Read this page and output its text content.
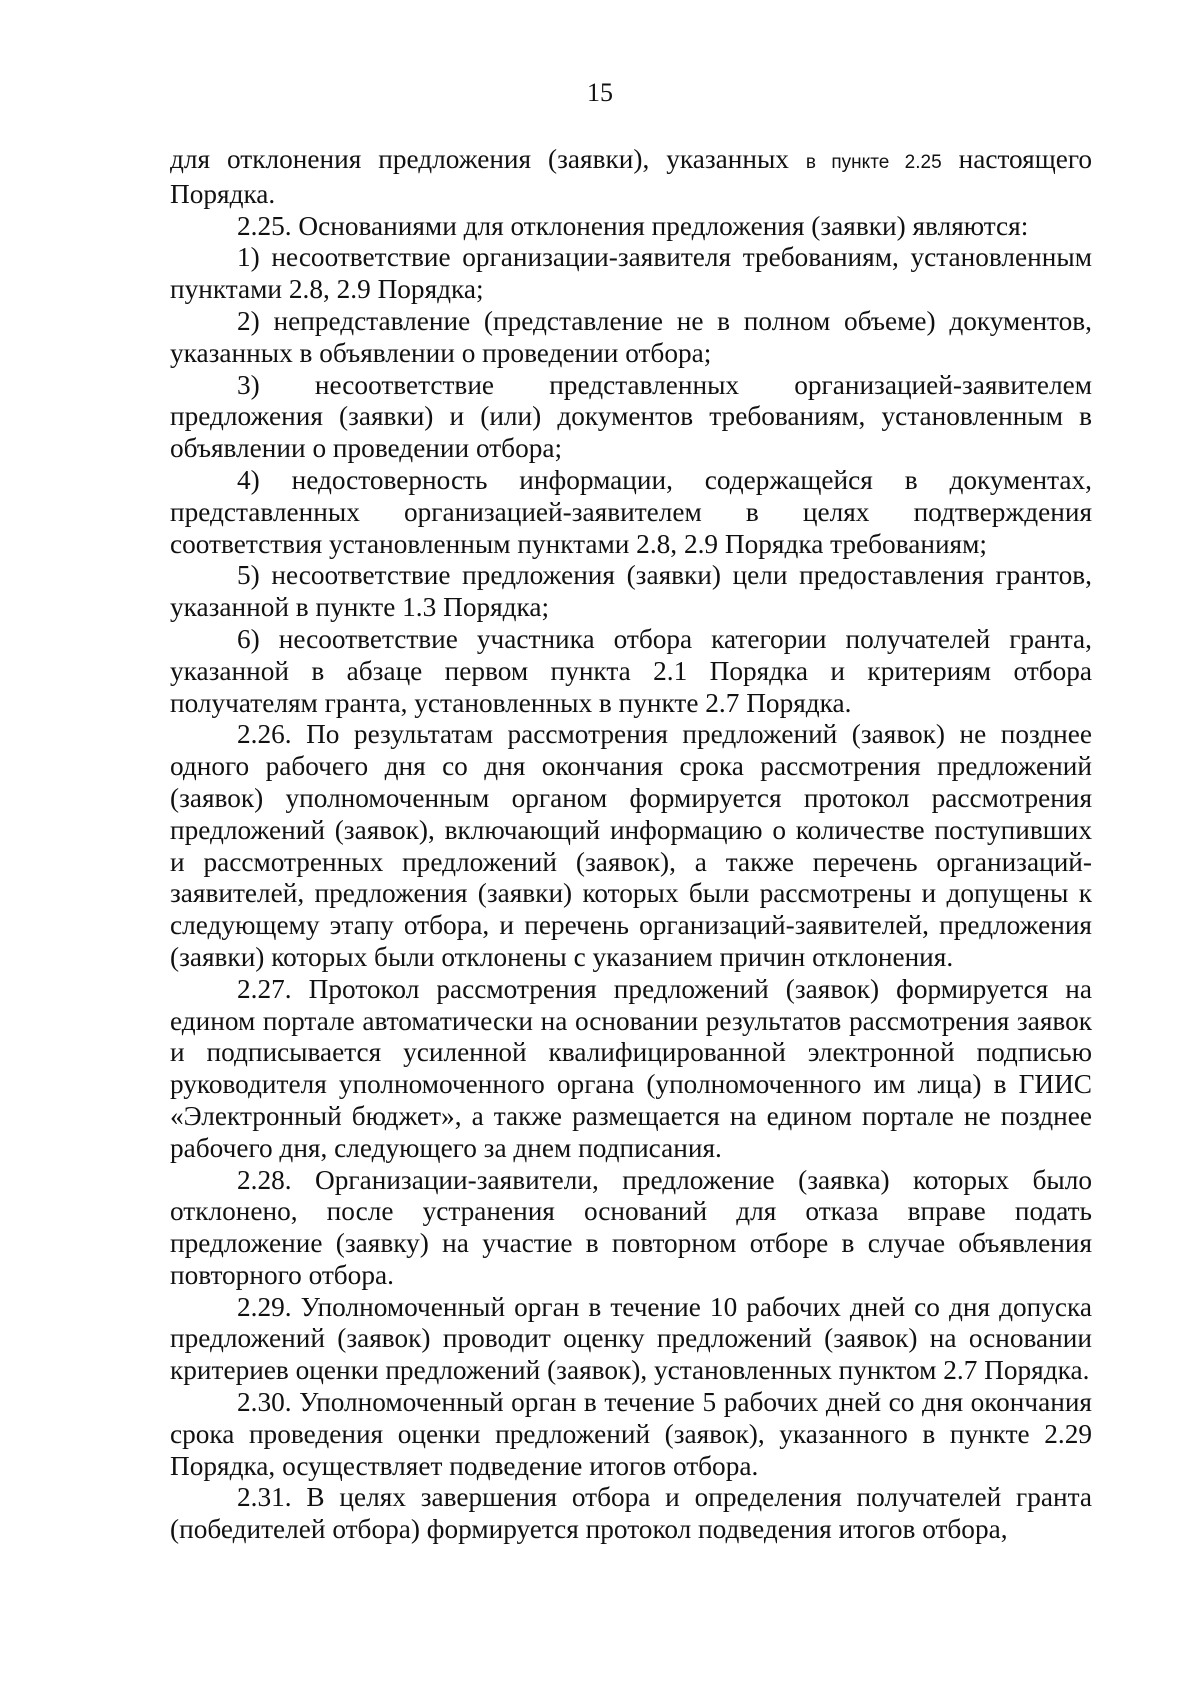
15

для отклонения предложения (заявки), указанных в пункте 2.25 настоящего Порядка.

2.25. Основаниями для отклонения предложения (заявки) являются:

1) несоответствие организации-заявителя требованиям, установленным пунктами 2.8, 2.9 Порядка;

2) непредставление (представление не в полном объеме) документов, указанных в объявлении о проведении отбора;

3) несоответствие представленных организацией-заявителем предложения (заявки) и (или) документов требованиям, установленным в объявлении о проведении отбора;

4) недостоверность информации, содержащейся в документах, представленных организацией-заявителем в целях подтверждения соответствия установленным пунктами 2.8, 2.9 Порядка требованиям;

5) несоответствие предложения (заявки) цели предоставления грантов, указанной в пункте 1.3 Порядка;

6) несоответствие участника отбора категории получателей гранта, указанной в абзаце первом пункта 2.1 Порядка и критериям отбора получателям гранта, установленных в пункте 2.7 Порядка.

2.26. По результатам рассмотрения предложений (заявок) не позднее одного рабочего дня со дня окончания срока рассмотрения предложений (заявок) уполномоченным органом формируется протокол рассмотрения предложений (заявок), включающий информацию о количестве поступивших и рассмотренных предложений (заявок), а также перечень организаций-заявителей, предложения (заявки) которых были рассмотрены и допущены к следующему этапу отбора, и перечень организаций-заявителей, предложения (заявки) которых были отклонены с указанием причин отклонения.

2.27. Протокол рассмотрения предложений (заявок) формируется на едином портале автоматически на основании результатов рассмотрения заявок и подписывается усиленной квалифицированной электронной подписью руководителя уполномоченного органа (уполномоченного им лица) в ГИИС «Электронный бюджет», а также размещается на едином портале не позднее рабочего дня, следующего за днем подписания.

2.28. Организации-заявители, предложение (заявка) которых было отклонено, после устранения оснований для отказа вправе подать предложение (заявку) на участие в повторном отборе в случае объявления повторного отбора.

2.29. Уполномоченный орган в течение 10 рабочих дней со дня допуска предложений (заявок) проводит оценку предложений (заявок) на основании критериев оценки предложений (заявок), установленных пунктом 2.7 Порядка.

2.30. Уполномоченный орган в течение 5 рабочих дней со дня окончания срока проведения оценки предложений (заявок), указанного в пункте 2.29 Порядка, осуществляет подведение итогов отбора.

2.31. В целях завершения отбора и определения получателей гранта (победителей отбора) формируется протокол подведения итогов отбора,
